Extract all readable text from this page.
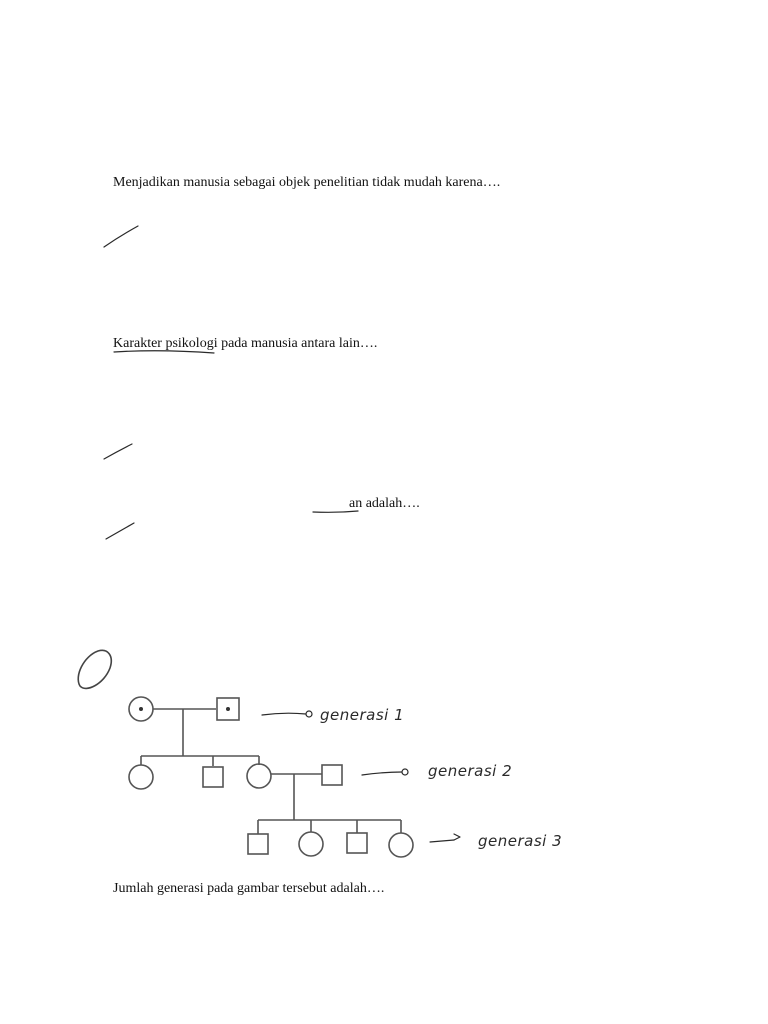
Menjadikan manusia sebagai objek penelitian tidak mudah karena….
Karakter psikologi pada manusia antara lain….
an adalah….
Jumlah generasi pada gambar tersebut adalah….
generasi 1
generasi 2
generasi 3
